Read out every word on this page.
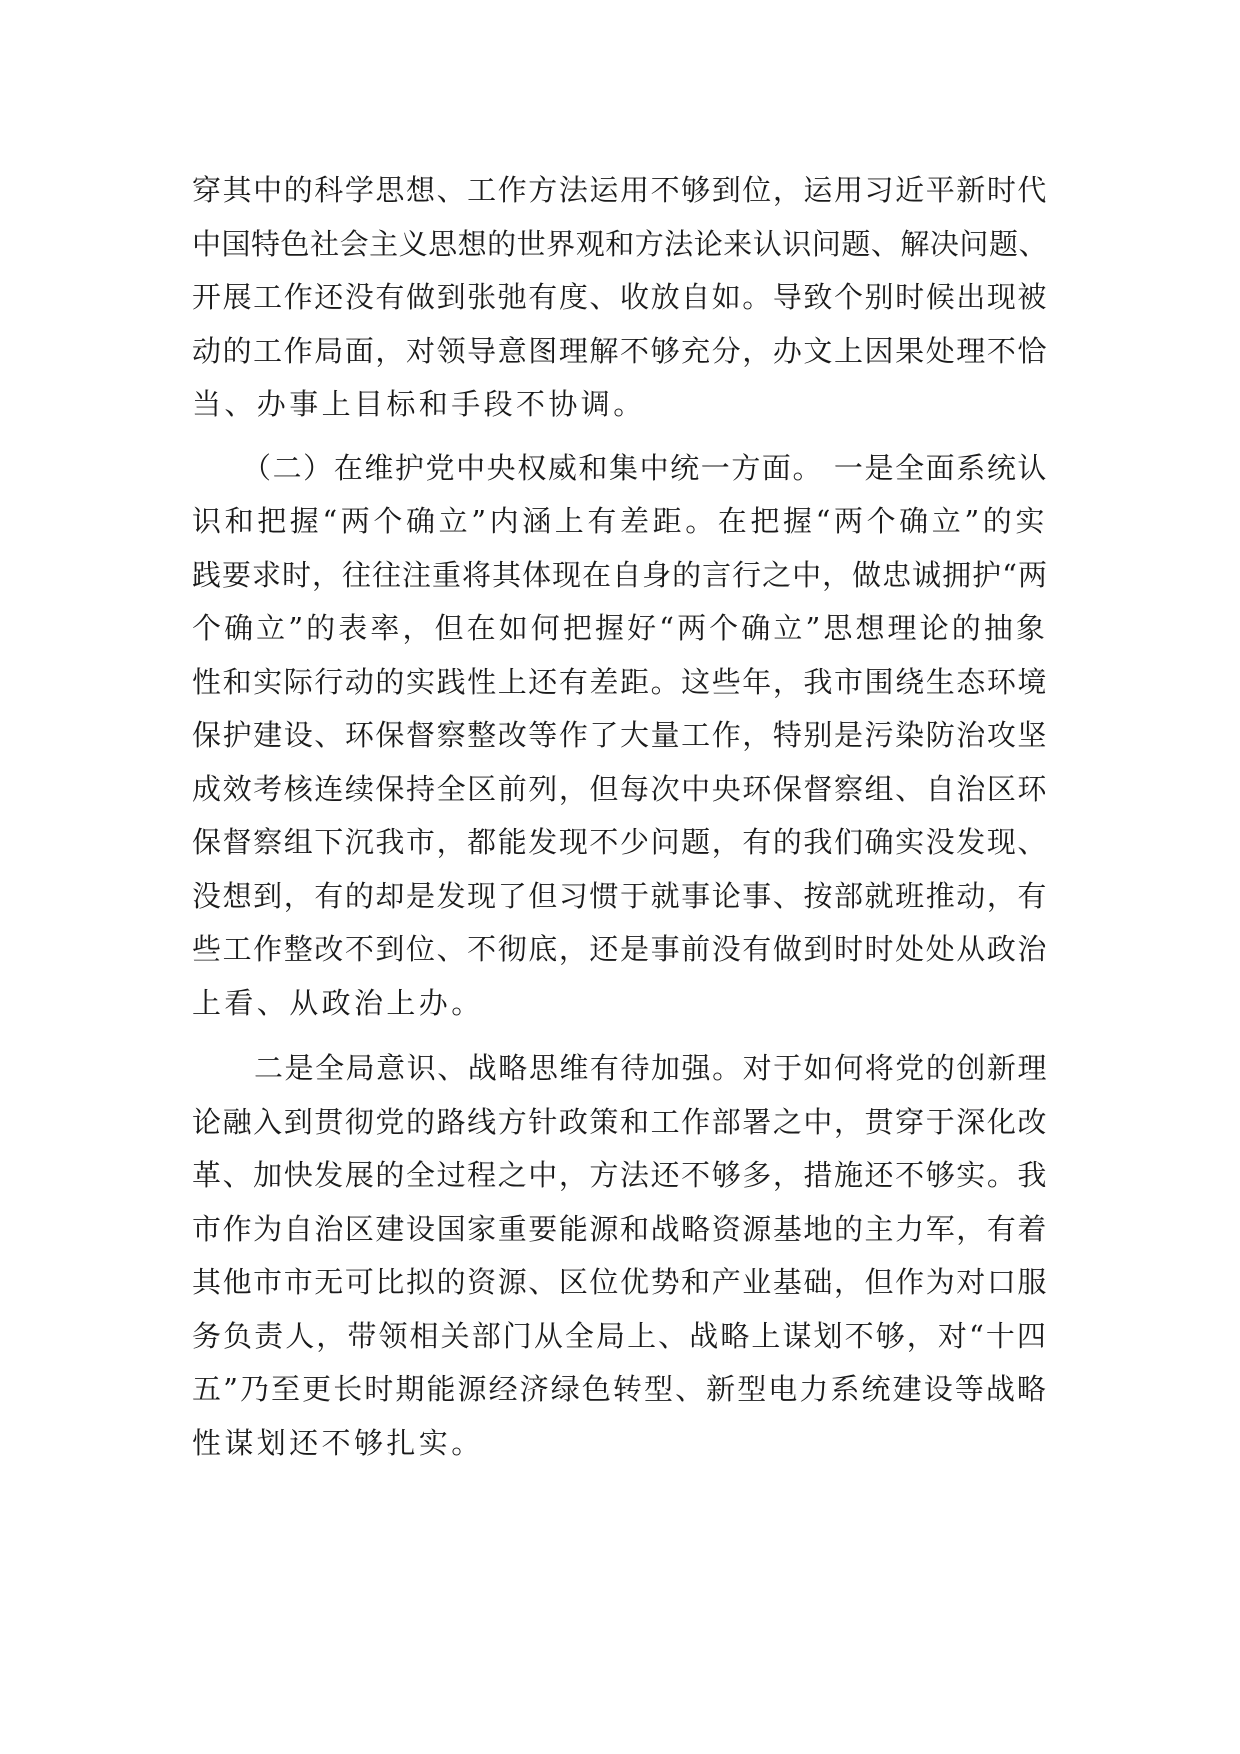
穿其中的科学思想、工作方法运用不够到位，运用习近平新时代
中国特色社会主义思想的世界观和方法论来认识问题、解决问题、
开展工作还没有做到张弛有度、收放自如。导致个别时候出现被
动的工作局面，对领导意图理解不够充分，办文上因果处理不恰
当、办事上目标和手段不协调。

（二）在维护党中央权威和集中统一方面。 一是全面系统认
识和把握“两个确立”内涵上有差距。在把握“两个确立”的实
践要求时，往往注重将其体现在自身的言行之中，做忠诚拥护“两
个确立”的表率，但在如何把握好“两个确立”思想理论的抽象
性和实际行动的实践性上还有差距。这些年，我市围绕生态环境
保护建设、环保督察整改等作了大量工作，特别是污染防治攻坚
成效考核连续保持全区前列，但每次中央环保督察组、自治区环
保督察组下沉我市，都能发现不少问题，有的我们确实没发现、
没想到，有的却是发现了但习惯于就事论事、按部就班推动，有
些工作整改不到位、不彻底，还是事前没有做到时时处处从政治
上看、从政治上办。

二是全局意识、战略思维有待加强。对于如何将党的创新理
论融入到贯彻党的路线方针政策和工作部署之中，贯穿于深化改
革、加快发展的全过程之中，方法还不够多，措施还不够实。我
市作为自治区建设国家重要能源和战略资源基地的主力军，有着
其他市市无可比拟的资源、区位优势和产业基础，但作为对口服
务负责人，带领相关部门从全局上、战略上谋划不够，对“十四
五”乃至更长时期能源经济绿色转型、新型电力系统建设等战略
性谋划还不够扎实。
